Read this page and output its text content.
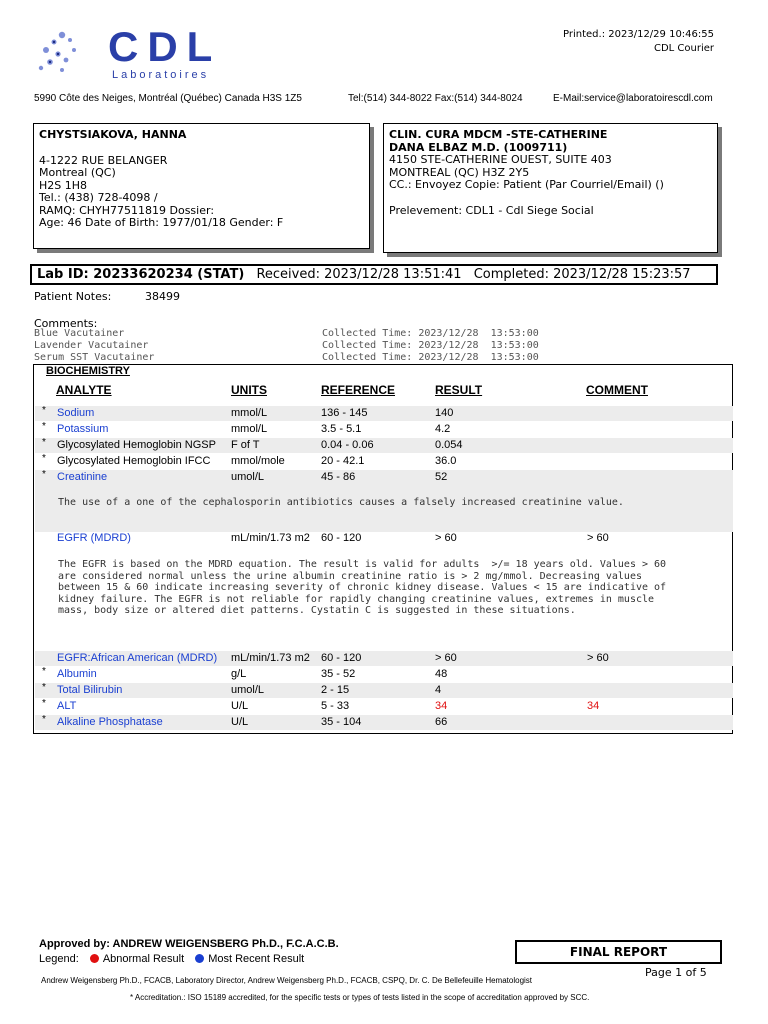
CDL
Laboratoires
Printed.: 2023/12/29 10:46:55
CDL Courier
5990 Côte des Neiges, Montréal (Québec) Canada H3S 1Z5	Tel:(514) 344-8022 Fax:(514) 344-8024	E-Mail:service@laboratoirescdl.com
CHYSTSIAKOVA, HANNA
4-1222 RUE BELANGER
Montreal (QC)
H2S 1H8
Tel.: (438) 728-4098 /
RAMQ: CHYH77511819 Dossier:
Age: 46 Date of Birth: 1977/01/18 Gender: F
CLIN. CURA MDCM -STE-CATHERINE
DANA ELBAZ M.D. (1009711)
4150 STE-CATHERINE OUEST, SUITE 403
MONTREAL (QC) H3Z 2Y5
CC.: Envoyez Copie: Patient (Par Courriel/Email) ()
Prelevement: CDL1 - Cdl Siege Social
Lab ID: 20233620234 (STAT) Received: 2023/12/28 13:51:41 Completed: 2023/12/28 15:23:57
Patient Notes:	38499
Comments:
Blue Vacutainer	Collected Time: 2023/12/28  13:53:00
Lavender Vacutainer	Collected Time: 2023/12/28  13:53:00
Serum SST Vacutainer	Collected Time: 2023/12/28  13:53:00
BIOCHEMISTRY
ANALYTE	UNITS	REFERENCE	RESULT	COMMENT
* Sodium	mmol/L	136 - 145	140
* Potassium	mmol/L	3.5 - 5.1	4.2
* Glycosylated Hemoglobin NGSP F of T	0.04 - 0.06	0.054
* Glycosylated Hemoglobin IFCC mmol/mole	20 - 42.1	36.0
* Creatinine	umol/L	45 - 86	52
The use of a one of the cephalosporin antibiotics causes a falsely increased creatinine value.
EGFR (MDRD)	mL/min/1.73 m2 60 - 120	> 60	> 60
The EGFR is based on the MDRD equation. The result is valid for adults  >/= 18 years old. Values > 60
are considered normal unless the urine albumin creatinine ratio is > 2 mg/mmol. Decreasing values
between 15 & 60 indicate increasing severity of chronic kidney disease. Values < 15 are indicative of
kidney failure. The EGFR is not reliable for rapidly changing creatinine values, extremes in muscle
mass, body size or altered diet patterns. Cystatin C is suggested in these situations.
EGFR:African American (MDRD) mL/min/1.73 m2 60 - 120	> 60	> 60
* Albumin	g/L	35 - 52	48
* Total Bilirubin	umol/L	2 - 15	4
* ALT	U/L	5 - 33	34	34
* Alkaline Phosphatase	U/L	35 - 104	66
Approved by: ANDREW WEIGENSBERG Ph.D., F.C.A.C.B.
Legend: Abnormal Result Most Recent Result	FINAL REPORT
Page 1 of 5
Andrew Weigensberg Ph.D., FCACB, Laboratory Director, Andrew Weigensberg Ph.D., FCACB, CSPQ, Dr. C. De Bellefeuille Hematologist
* Accreditation.: ISO 15189 accredited, for the specific tests or types of tests listed in the scope of accreditation approved by SCC.
